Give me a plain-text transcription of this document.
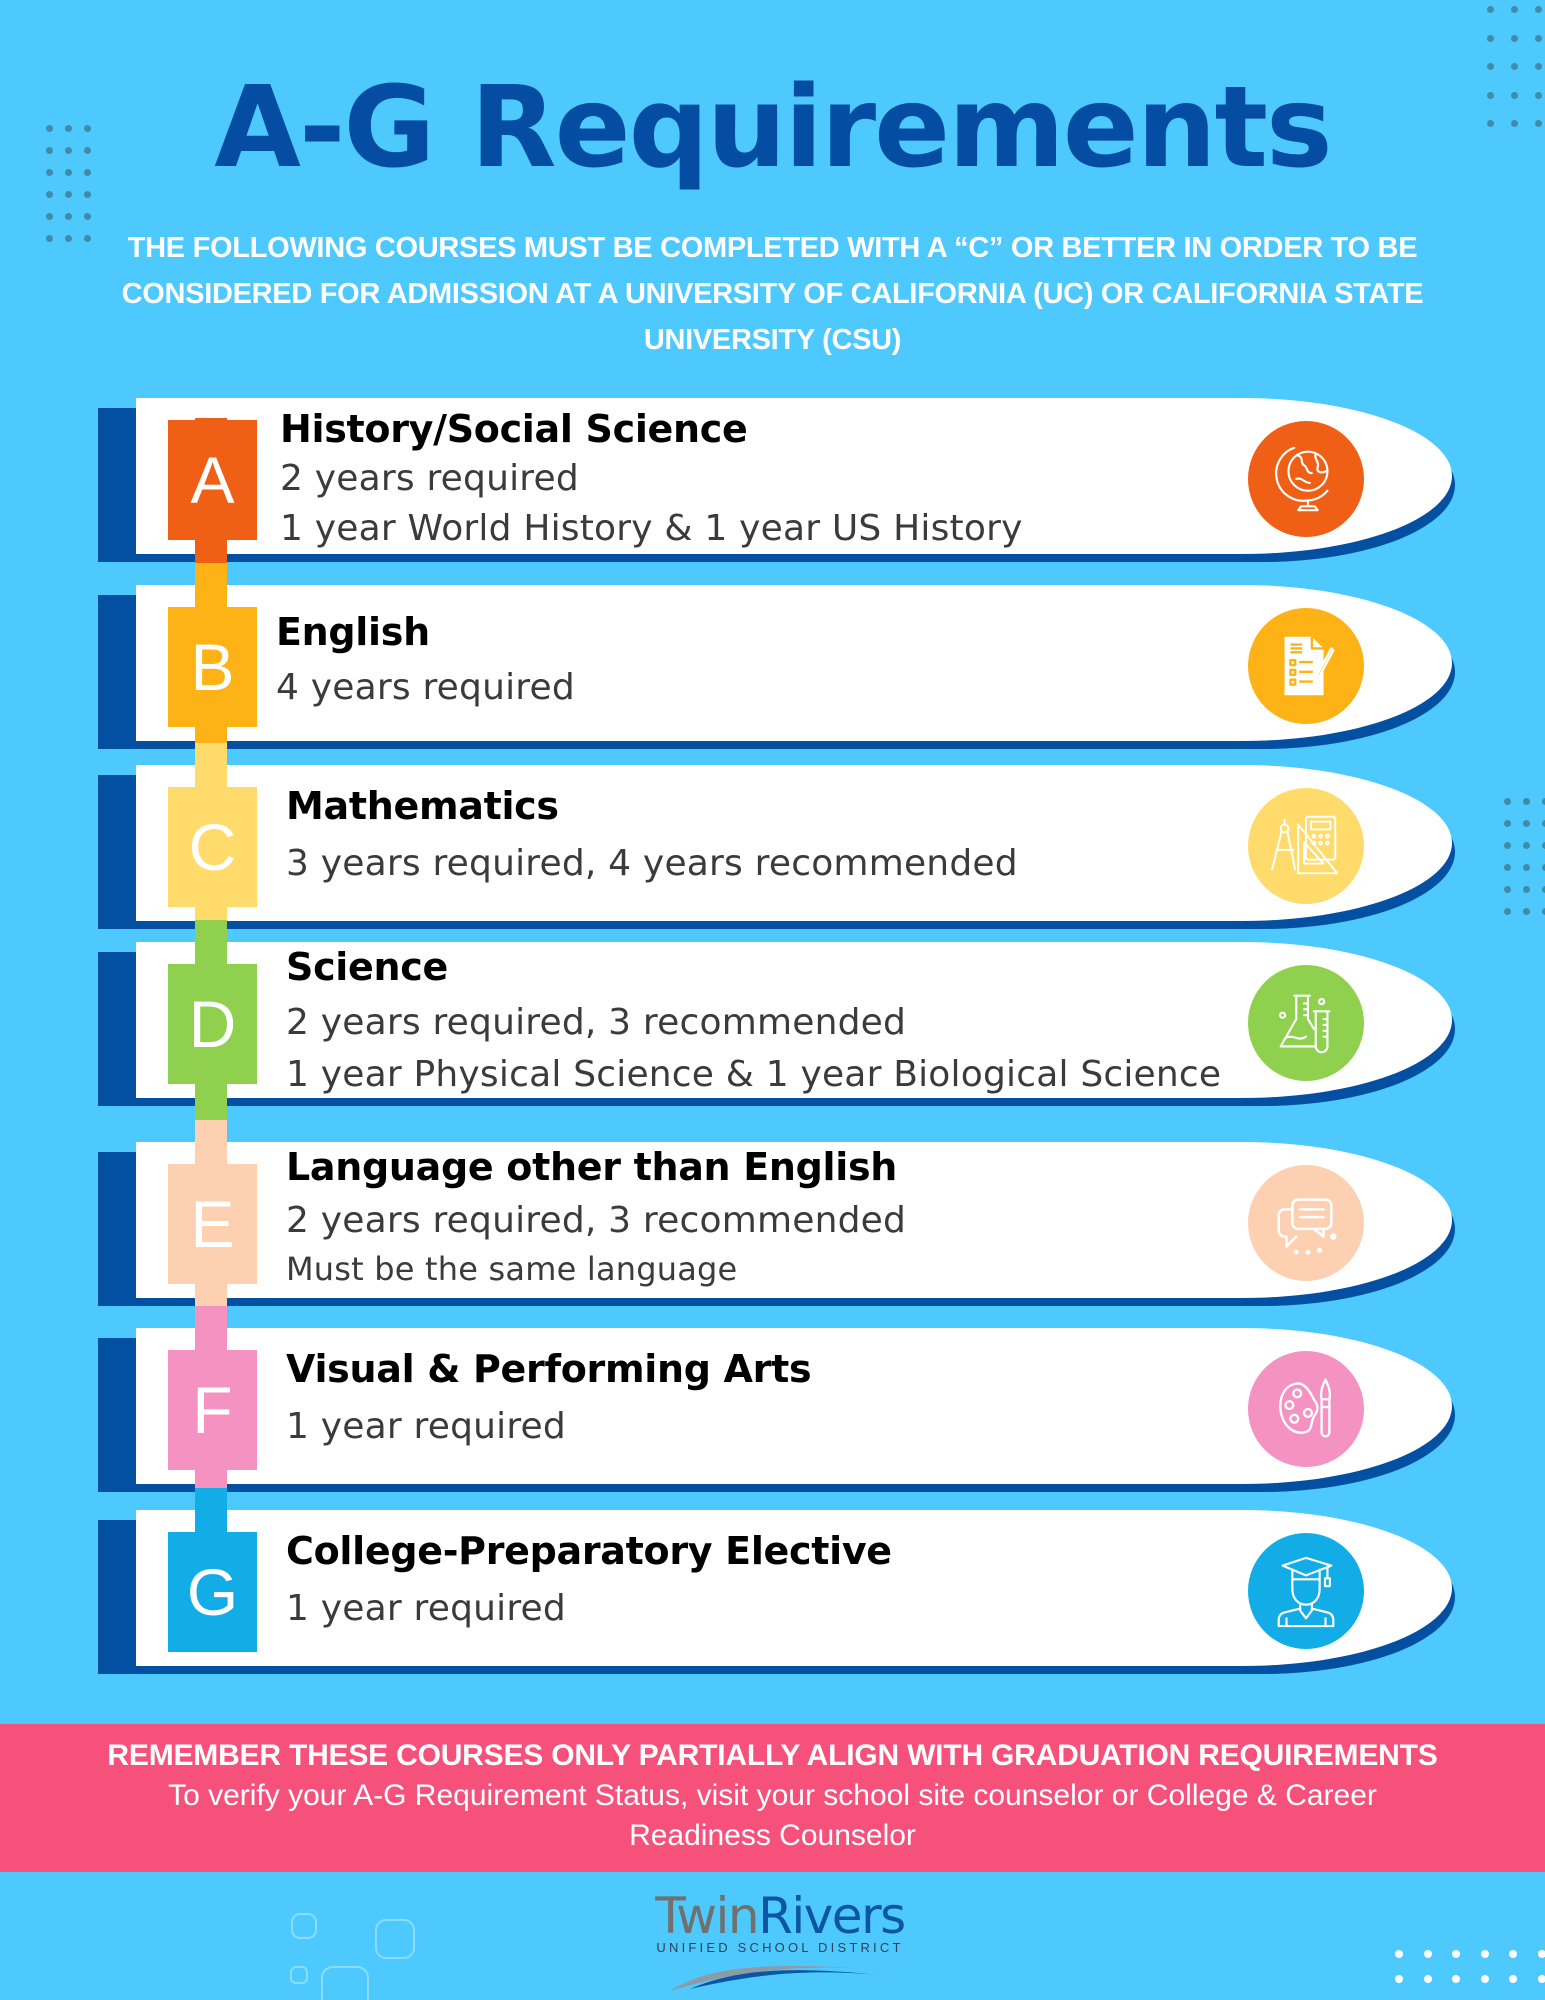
A-G Requirements

THE FOLLOWING COURSES MUST BE COMPLETED WITH A “C” OR BETTER IN ORDER TO BE CONSIDERED FOR ADMISSION AT A UNIVERSITY OF CALIFORNIA (UC) OR CALIFORNIA STATE UNIVERSITY (CSU)

A
History/Social Science
2 years required
1 year World History & 1 year US History
B	English
4 years required
C
Mathematics
3 years required, 4 years recommended
D
Science
2 years required, 3 recommended
1 year Physical Science & 1 year Biological Science
E
Language other than English
2 years required, 3 recommended
Must be the same language
F
Visual & Performing Arts
1 year required
G
College-Preparatory Elective
1 year required
REMEMBER THESE COURSES ONLY PARTIALLY ALIGN WITH GRADUATION REQUIREMENTS
To verify your A-G Requirement Status, visit your school site counselor or College & Career Readiness Counselor
TwinRivers
UNIFIED SCHOOL DISTRICT
